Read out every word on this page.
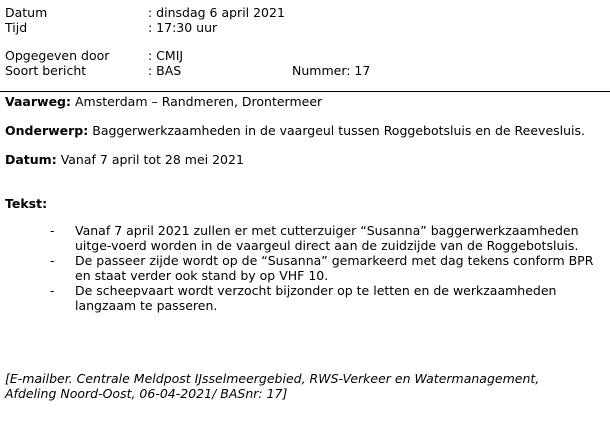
Datum	: dinsdag 6 april 2021
Tijd	: 17:30 uur
Opgegeven door	: CMIJ
Soort bericht	: BAS	Nummer: 17
Vaarweg: Amsterdam – Randmeren, Drontermeer
Onderwerp: Baggerwerkzaamheden in de vaargeul tussen Roggebotsluis en de Reevesluis.
Datum: Vanaf 7 april tot 28 mei 2021
Tekst:
-	Vanaf 7 april 2021 zullen er met cutterzuiger “Susanna” baggerwerkzaamheden uitge-voerd worden in de vaargeul direct aan de zuidzijde van de Roggebotsluis.
-	De passeer zijde wordt op de “Susanna” gemarkeerd met dag tekens conform BPR en staat verder ook stand by op VHF 10.
-	De scheepvaart wordt verzocht bijzonder op te letten en de werkzaamheden langzaam te passeren.
[E-mailber. Centrale Meldpost IJsselmeergebied, RWS-Verkeer en Watermanagement, Afdeling Noord-Oost, 06-04-2021/ BASnr: 17]
